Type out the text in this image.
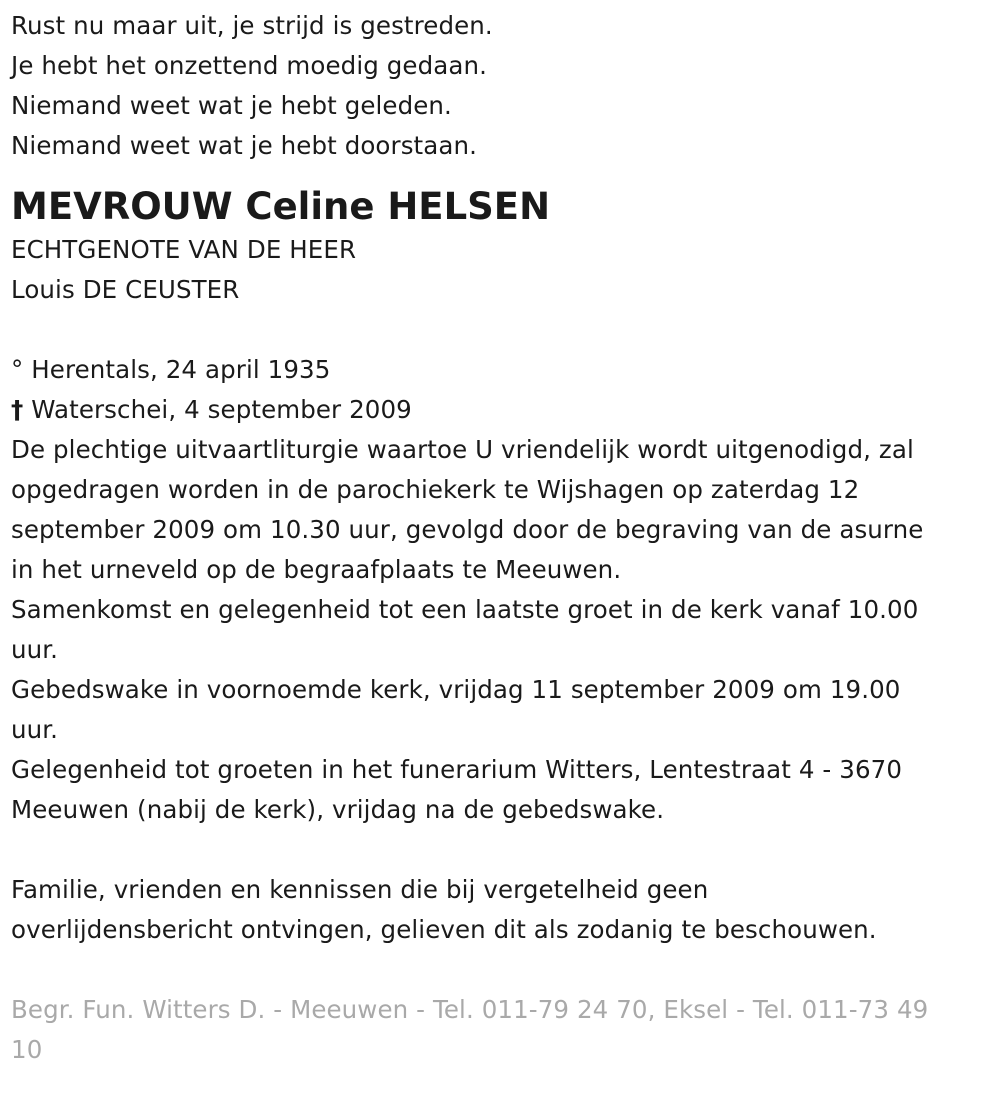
Rust nu maar uit, je strijd is gestreden.
Je hebt het onzettend moedig gedaan.
Niemand weet wat je hebt geleden.
Niemand weet wat je hebt doorstaan.
MEVROUW Celine HELSEN
ECHTGENOTE VAN DE HEER
Louis DE CEUSTER
° Herentals, 24 april 1935
† Waterschei, 4 september 2009
De plechtige uitvaartliturgie waartoe U vriendelijk wordt uitgenodigd, zal
opgedragen worden in de parochiekerk te Wijshagen op zaterdag 12
september 2009 om 10.30 uur, gevolgd door de begraving van de asurne
in het urneveld op de begraafplaats te Meeuwen.
Samenkomst en gelegenheid tot een laatste groet in de kerk vanaf 10.00
uur.
Gebedswake in voornoemde kerk, vrijdag 11 september 2009 om 19.00
uur.
Gelegenheid tot groeten in het funerarium Witters, Lentestraat 4 - 3670
Meeuwen (nabij de kerk), vrijdag na de gebedswake.
Familie, vrienden en kennissen die bij vergetelheid geen
overlijdensbericht ontvingen, gelieven dit als zodanig te beschouwen.
Begr. Fun. Witters D. - Meeuwen - Tel. 011-79 24 70, Eksel - Tel. 011-73 49
10
